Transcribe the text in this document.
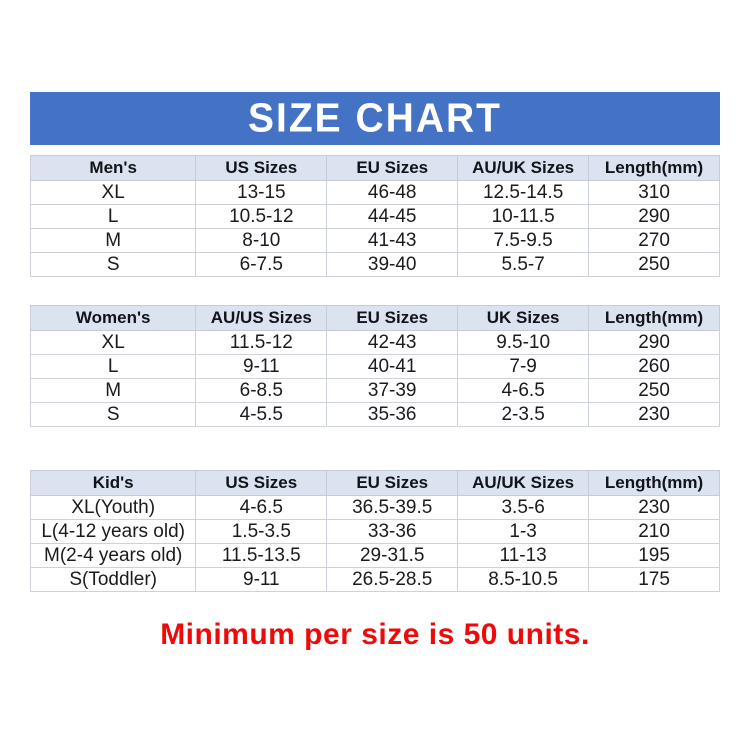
SIZE CHART
Men's	US Sizes	EU Sizes	AU/UK Sizes	Length(mm)
XL	13-15	46-48	12.5-14.5	310
L	10.5-12	44-45	10-11.5	290
M	8-10	41-43	7.5-9.5	270
S	6-7.5	39-40	5.5-7	250
Women's	AU/US Sizes	EU Sizes	UK Sizes	Length(mm)
XL	11.5-12	42-43	9.5-10	290
L	9-11	40-41	7-9	260
M	6-8.5	37-39	4-6.5	250
S	4-5.5	35-36	2-3.5	230
Kid's	US Sizes	EU Sizes	AU/UK Sizes	Length(mm)
XL(Youth)	4-6.5	36.5-39.5	3.5-6	230
L(4-12 years old)	1.5-3.5	33-36	1-3	210
M(2-4 years old)	11.5-13.5	29-31.5	11-13	195
S(Toddler)	9-11	26.5-28.5	8.5-10.5	175
Minimum per size is 50 units.
